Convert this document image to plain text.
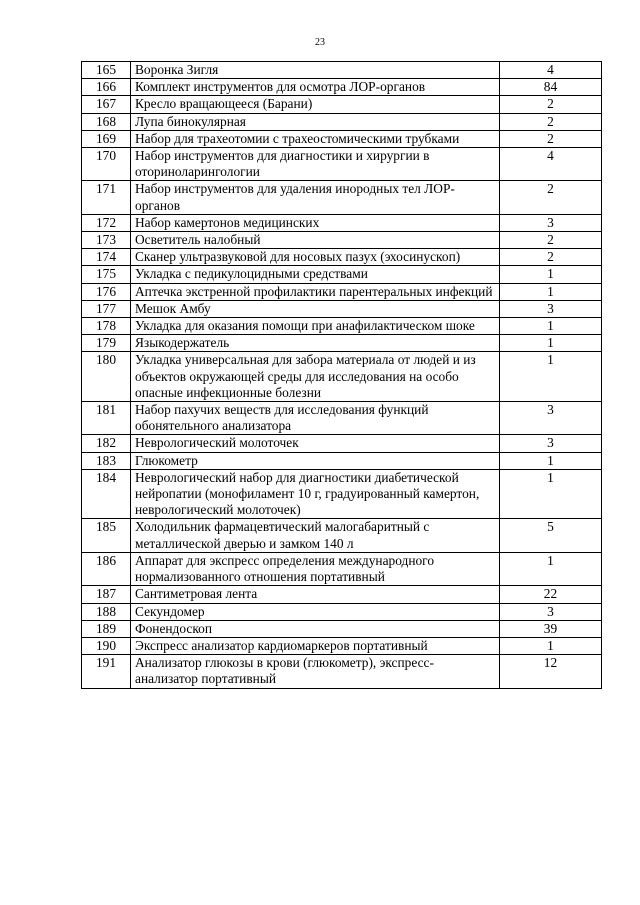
23
165	Воронка Зигля	4
166	Комплект инструментов для осмотра ЛОР-органов	84
167	Кресло вращающееся (Барани)	2
168	Лупа бинокулярная	2
169	Набор для трахеотомии с трахеостомическими трубками	2
170	Набор инструментов для диагностики и хирургии в оториноларингологии	4
171	Набор инструментов для удаления инородных тел ЛОР-органов	2
172	Набор камертонов медицинских	3
173	Осветитель налобный	2
174	Сканер ультразвуковой для носовых пазух (эхосинускоп)	2
175	Укладка с педикулоцидными средствами	1
176	Аптечка экстренной профилактики парентеральных инфекций	1
177	Мешок Амбу	3
178	Укладка для оказания помощи при анафилактическом шоке	1
179	Языкодержатель	1
180	Укладка универсальная для забора материала от людей и из объектов окружающей среды для исследования на особо опасные инфекционные болезни	1
181	Набор пахучих веществ для исследования функций обонятельного анализатора	3
182	Неврологический молоточек	3
183	Глюкометр	1
184	Неврологический набор для диагностики диабетической нейропатии (монофиламент 10 г, градуированный камертон, неврологический молоточек)	1
185	Холодильник фармацевтический малогабаритный с металлической дверью и замком 140 л	5
186	Аппарат для экспресс определения международного нормализованного отношения портативный	1
187	Сантиметровая лента	22
188	Секундомер	3
189	Фонендоскоп	39
190	Экспресс анализатор кардиомаркеров портативный	1
191	Анализатор глюкозы в крови (глюкометр), экспресс-анализатор портативный	12
